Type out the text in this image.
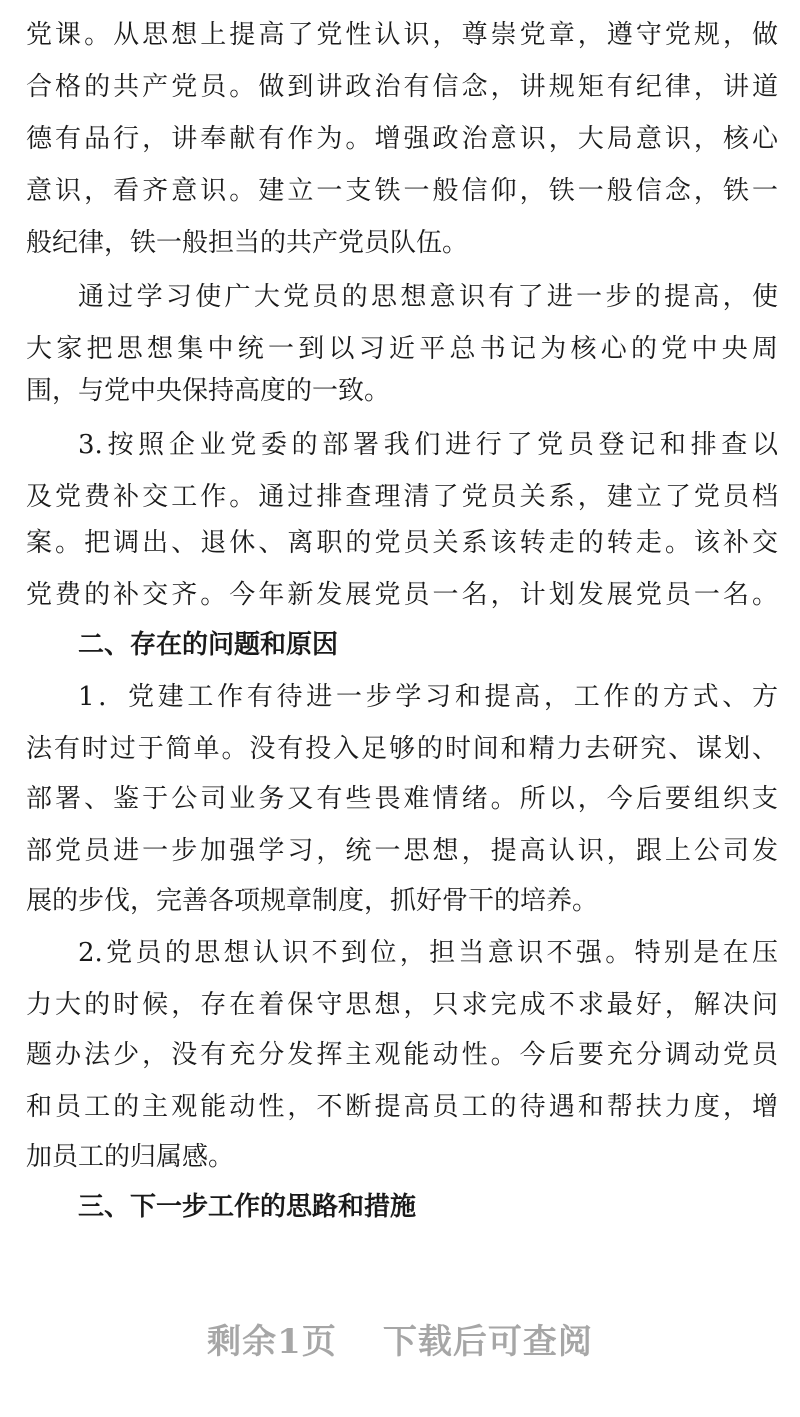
党课。从思想上提高了党性认识，尊崇党章，遵守党规，做
合格的共产党员。做到讲政治有信念，讲规矩有纪律，讲道
德有品行，讲奉献有作为。增强政治意识，大局意识，核心
意识，看齐意识。建立一支铁一般信仰，铁一般信念，铁一
般纪律，铁一般担当的共产党员队伍。
通过学习使广大党员的思想意识有了进一步的提高，使
大家把思想集中统一到以习近平总书记为核心的党中央周
围，与党中央保持高度的一致。
3.按照企业党委的部署我们进行了党员登记和排查以
及党费补交工作。通过排查理清了党员关系，建立了党员档
案。把调出、退休、离职的党员关系该转走的转走。该补交
党费的补交齐。今年新发展党员一名，计划发展党员一名。
二、存在的问题和原因
1．党建工作有待进一步学习和提高，工作的方式、方
法有时过于简单。没有投入足够的时间和精力去研究、谋划、
部署、鉴于公司业务又有些畏难情绪。所以，今后要组织支
部党员进一步加强学习，统一思想，提高认识，跟上公司发
展的步伐，完善各项规章制度，抓好骨干的培养。
2.党员的思想认识不到位，担当意识不强。特别是在压
力大的时候，存在着保守思想，只求完成不求最好，解决问
题办法少，没有充分发挥主观能动性。今后要充分调动党员
和员工的主观能动性，不断提高员工的待遇和帮扶力度，增
加员工的归属感。
三、下一步工作的思路和措施
剩余1页 下载后可查阅
